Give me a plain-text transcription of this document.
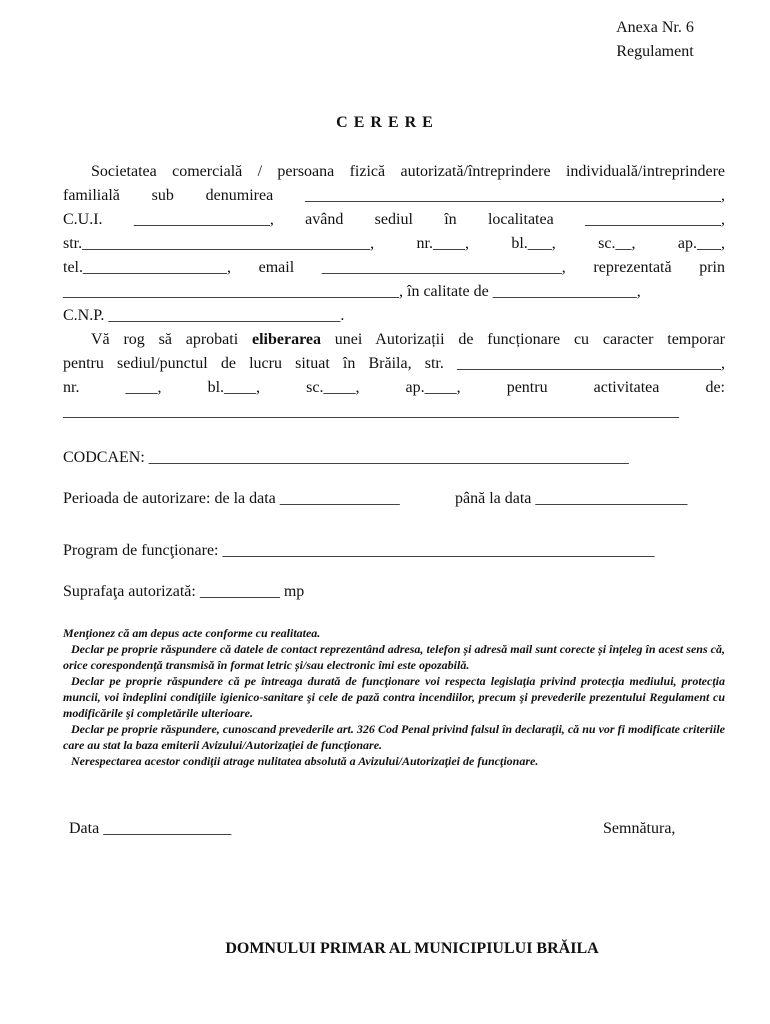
Anexa Nr. 6
Regulament
C E R E R E
Societatea comercială / persoana fizică autorizată/întreprindere individuală/intreprindere
familială sub denumirea ____________________________________________________,
C.U.I. _________________, având sediul în localitatea _________________,
str.____________________________________, nr.____, bl.___, sc.__, ap.___,
tel.__________________, email ______________________________, reprezentată prin
__________________________________________, în calitate de __________________,
C.N.P. _____________________________.
Vă rog să aprobati eliberarea unei Autorizații de funcționare cu caracter temporar
pentru sediul/punctul de lucru situat în Brăila, str. _________________________________,
nr. ____, bl.____, sc.____, ap.____, pentru activitatea de:
_____________________________________________________________________________
CODCAEN: ____________________________________________________________
Perioada de autorizare: de la data _______________	până la data ___________________
Program de funcţionare: ______________________________________________________
Suprafaţa autorizată: __________ mp

Menţionez că am depus acte conforme cu realitatea.

Declar pe proprie răspundere că datele de contact reprezentând adresa, telefon și adresă mail sunt corecte și înțeleg în acest sens că, orice corespondență transmisă în format letric și/sau electronic îmi este opozabilă.

Declar pe proprie răspundere că pe întreaga durată de funcţionare voi respecta legislaţia privind protecţia mediului, protecţia muncii, voi îndeplini condiţiile igienico-sanitare şi cele de pază contra incendiilor, precum şi prevederile prezentului Regulament cu modificările şi completările ulterioare.

Declar pe proprie răspundere, cunoscand prevederile art. 326 Cod Penal privind falsul în declaraţii, că nu vor fi modificate criteriile care au stat la baza emiterii Avizului/Autorizaţiei de funcţionare.

Nerespectarea acestor condiţii atrage nulitatea absolută a Avizului/Autorizaţiei de funcţionare.

Data ________________	Semnătura,
DOMNULUI PRIMAR AL MUNICIPIULUI BRĂILA
